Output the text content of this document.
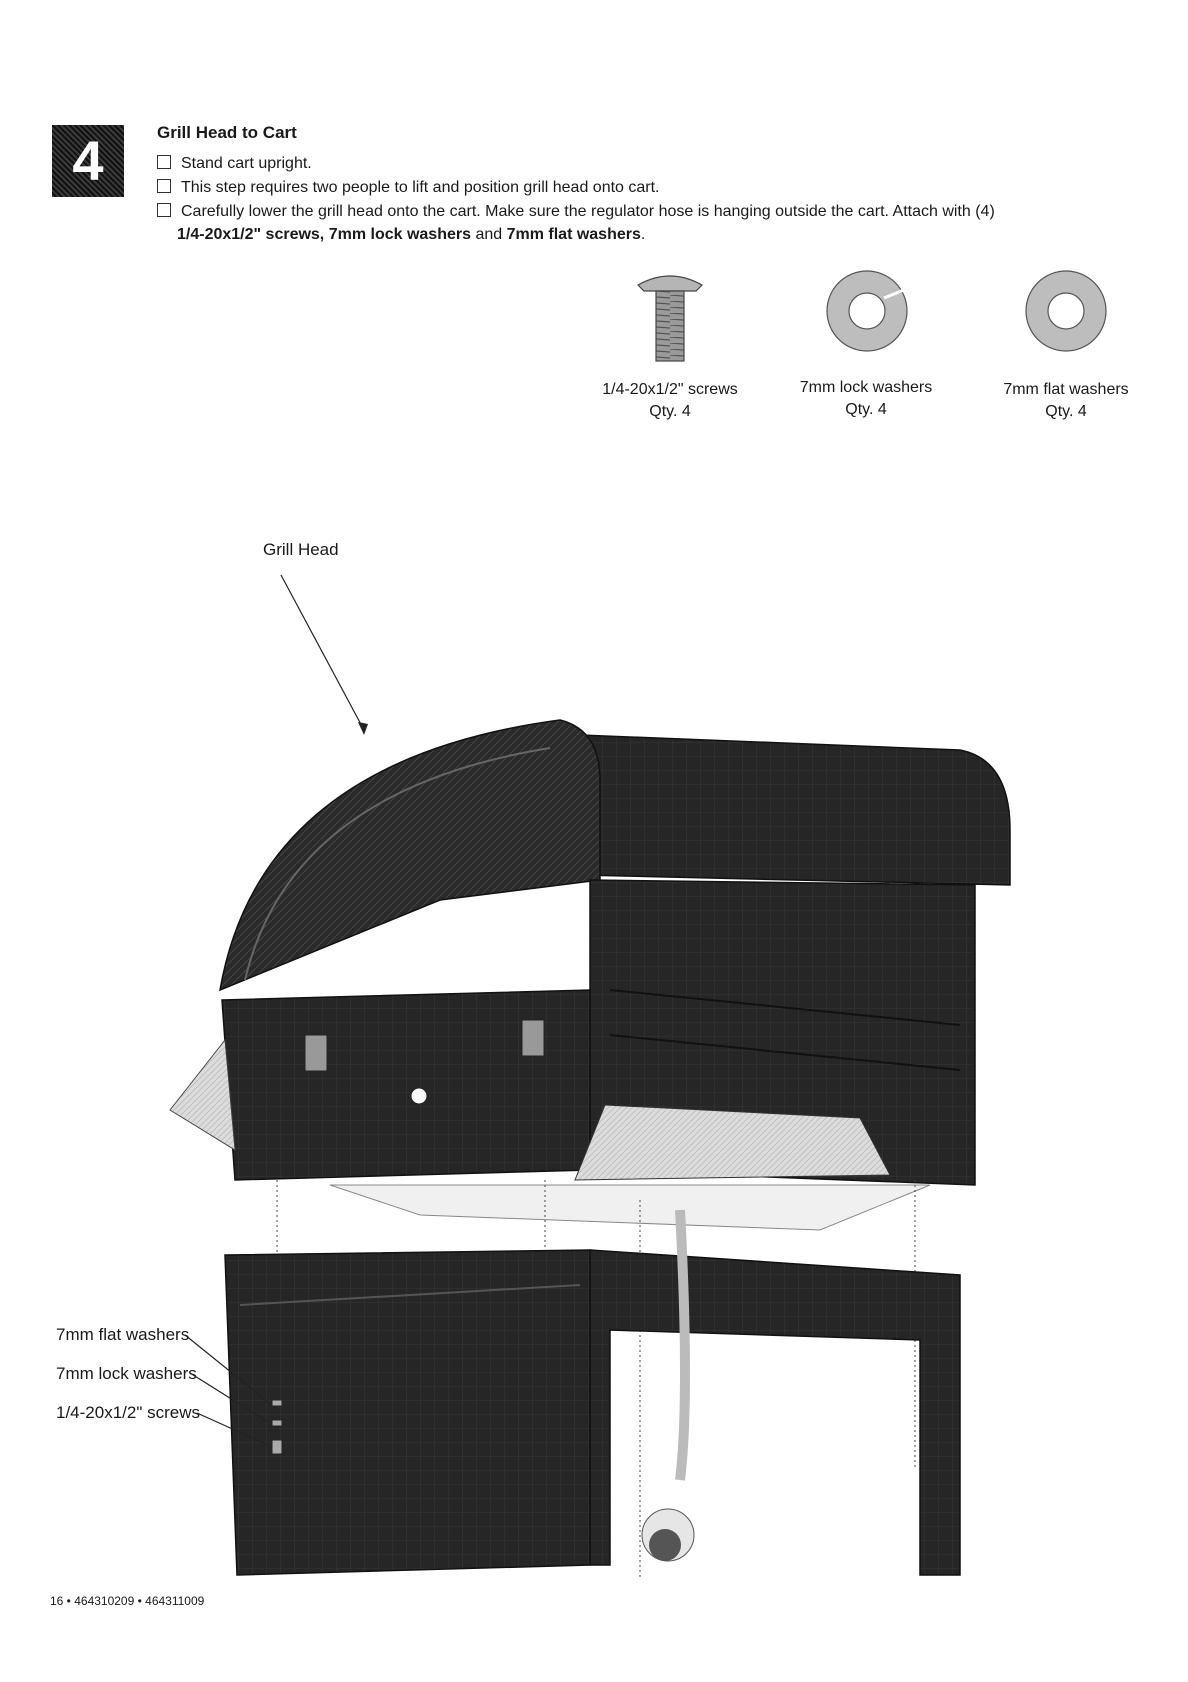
4	Grill Head to Cart
Stand cart upright.
This step requires two people to lift and position grill head onto cart.
Carefully lower the grill head onto the cart. Make sure the regulator hose is hanging outside the cart. Attach with (4)
1/4-20x1/2" screws, 7mm lock washers and 7mm flat washers.
1/4-20x1/2" screws
Qty. 4
7mm lock washers
Qty. 4
7mm flat washers
Qty. 4
Grill Head
7mm flat washers
7mm lock washers
1/4-20x1/2" screws
16 • 464310209 • 464311009
